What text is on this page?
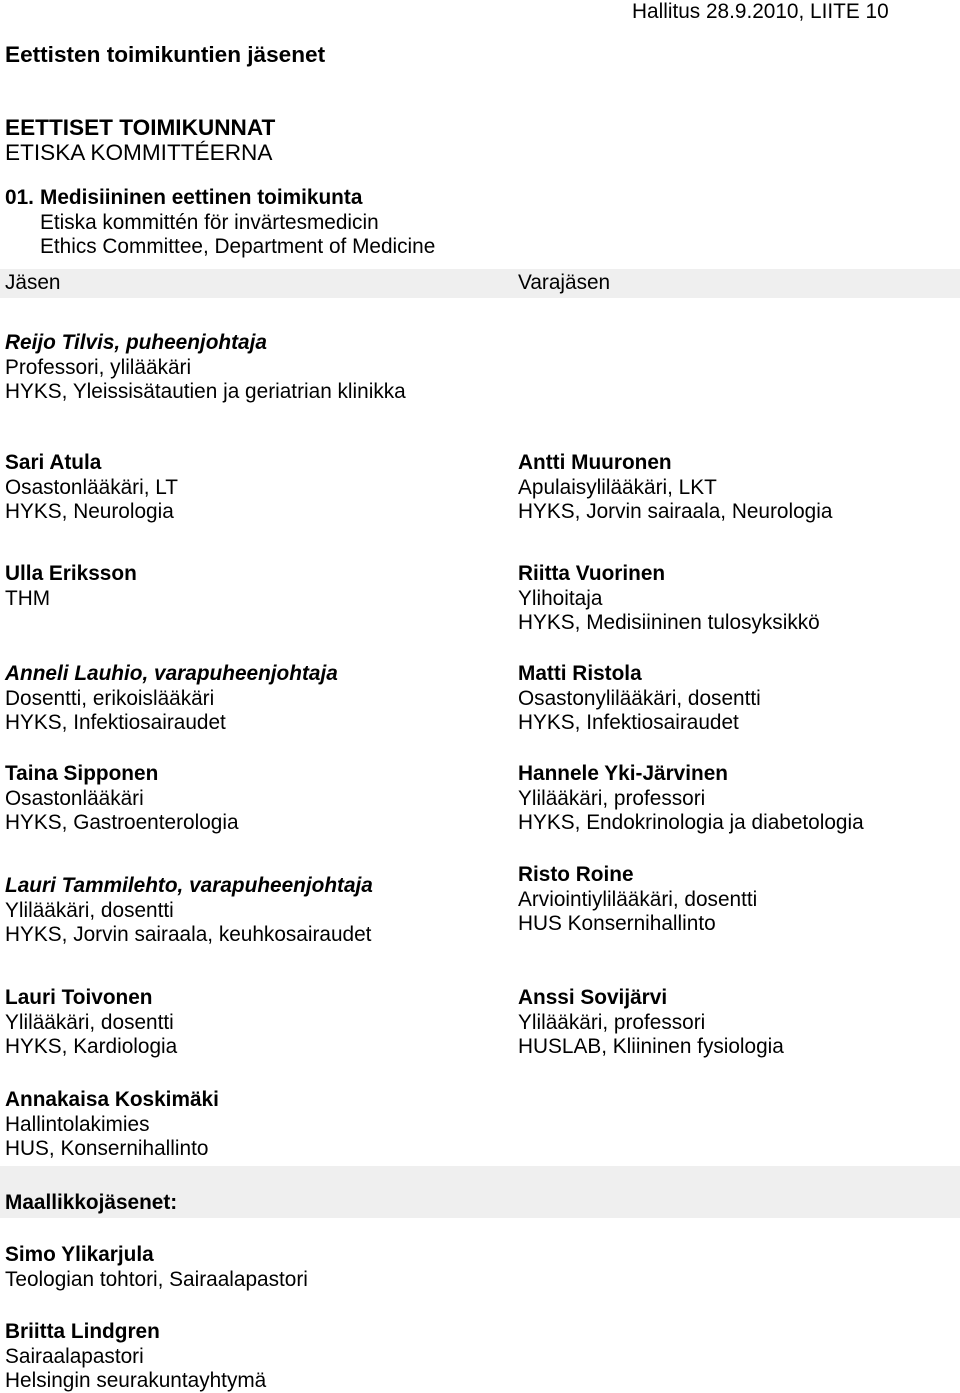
Hallitus 28.9.2010, LIITE 10
Eettisten toimikuntien jäsenet
EETTISET TOIMIKUNNAT
ETISKA KOMMITTÉERNA
01. Medisiininen eettinen toimikunta
Etiska kommittén för invärtesmedicin
Ethics Committee, Department of Medicine
Jäsen	Varajäsen
Reijo Tilvis, puheenjohtaja
Professori, ylilääkäri
HYKS, Yleissisätautien ja geriatrian klinikka
Sari Atula
Osastonlääkäri, LT
HYKS, Neurologia
Antti Muuronen
Apulaisylilääkäri, LKT
HYKS, Jorvin sairaala, Neurologia
Ulla Eriksson
THM
Riitta Vuorinen
Ylihoitaja
HYKS, Medisiininen tulosyksikkö
Anneli Lauhio, varapuheenjohtaja
Dosentti, erikoislääkäri
HYKS, Infektiosairaudet
Matti Ristola
Osastonylilääkäri, dosentti
HYKS, Infektiosairaudet
Taina Sipponen
Osastonlääkäri
HYKS, Gastroenterologia
Hannele Yki-Järvinen
Ylilääkäri, professori
HYKS, Endokrinologia ja diabetologia
Lauri Tammilehto, varapuheenjohtaja
Ylilääkäri, dosentti
HYKS, Jorvin sairaala, keuhkosairaudet
Risto Roine
Arviointiylilääkäri, dosentti
HUS Konsernihallinto
Lauri Toivonen
Ylilääkäri, dosentti
HYKS, Kardiologia
Anssi Sovijärvi
Ylilääkäri, professori
HUSLAB, Kliininen fysiologia
Annakaisa Koskimäki
Hallintolakimies
HUS, Konsernihallinto
Maallikkojäsenet:
Simo Ylikarjula
Teologian tohtori, Sairaalapastori
Briitta Lindgren
Sairaalapastori
Helsingin seurakuntayhtymä
